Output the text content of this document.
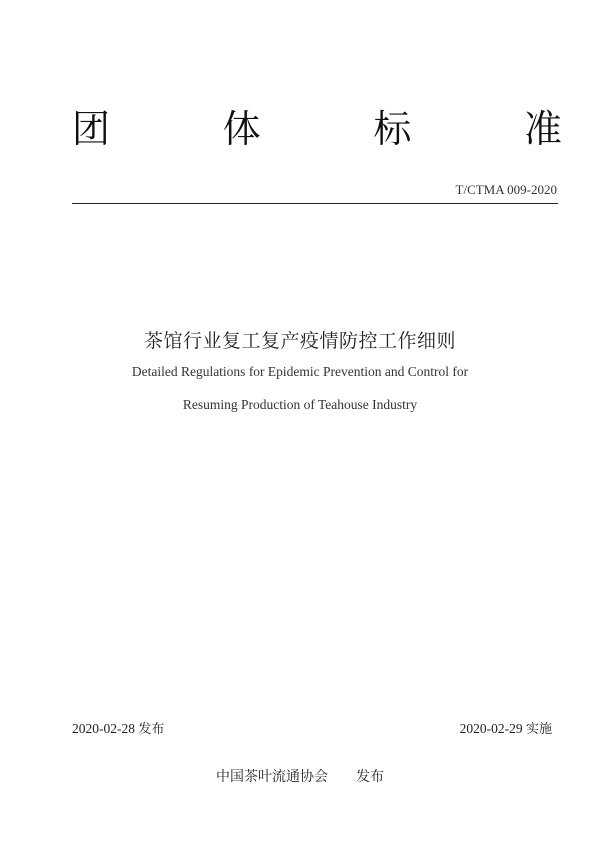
团	体	标	准
T/CTMA 009-2020
茶馆行业复工复产疫情防控工作细则
Detailed Regulations for Epidemic Prevention and Control for
Resuming Production of Teahouse Industry
2020-02-28 发布	2020-02-29 实施
中国茶叶流通协会 发布
